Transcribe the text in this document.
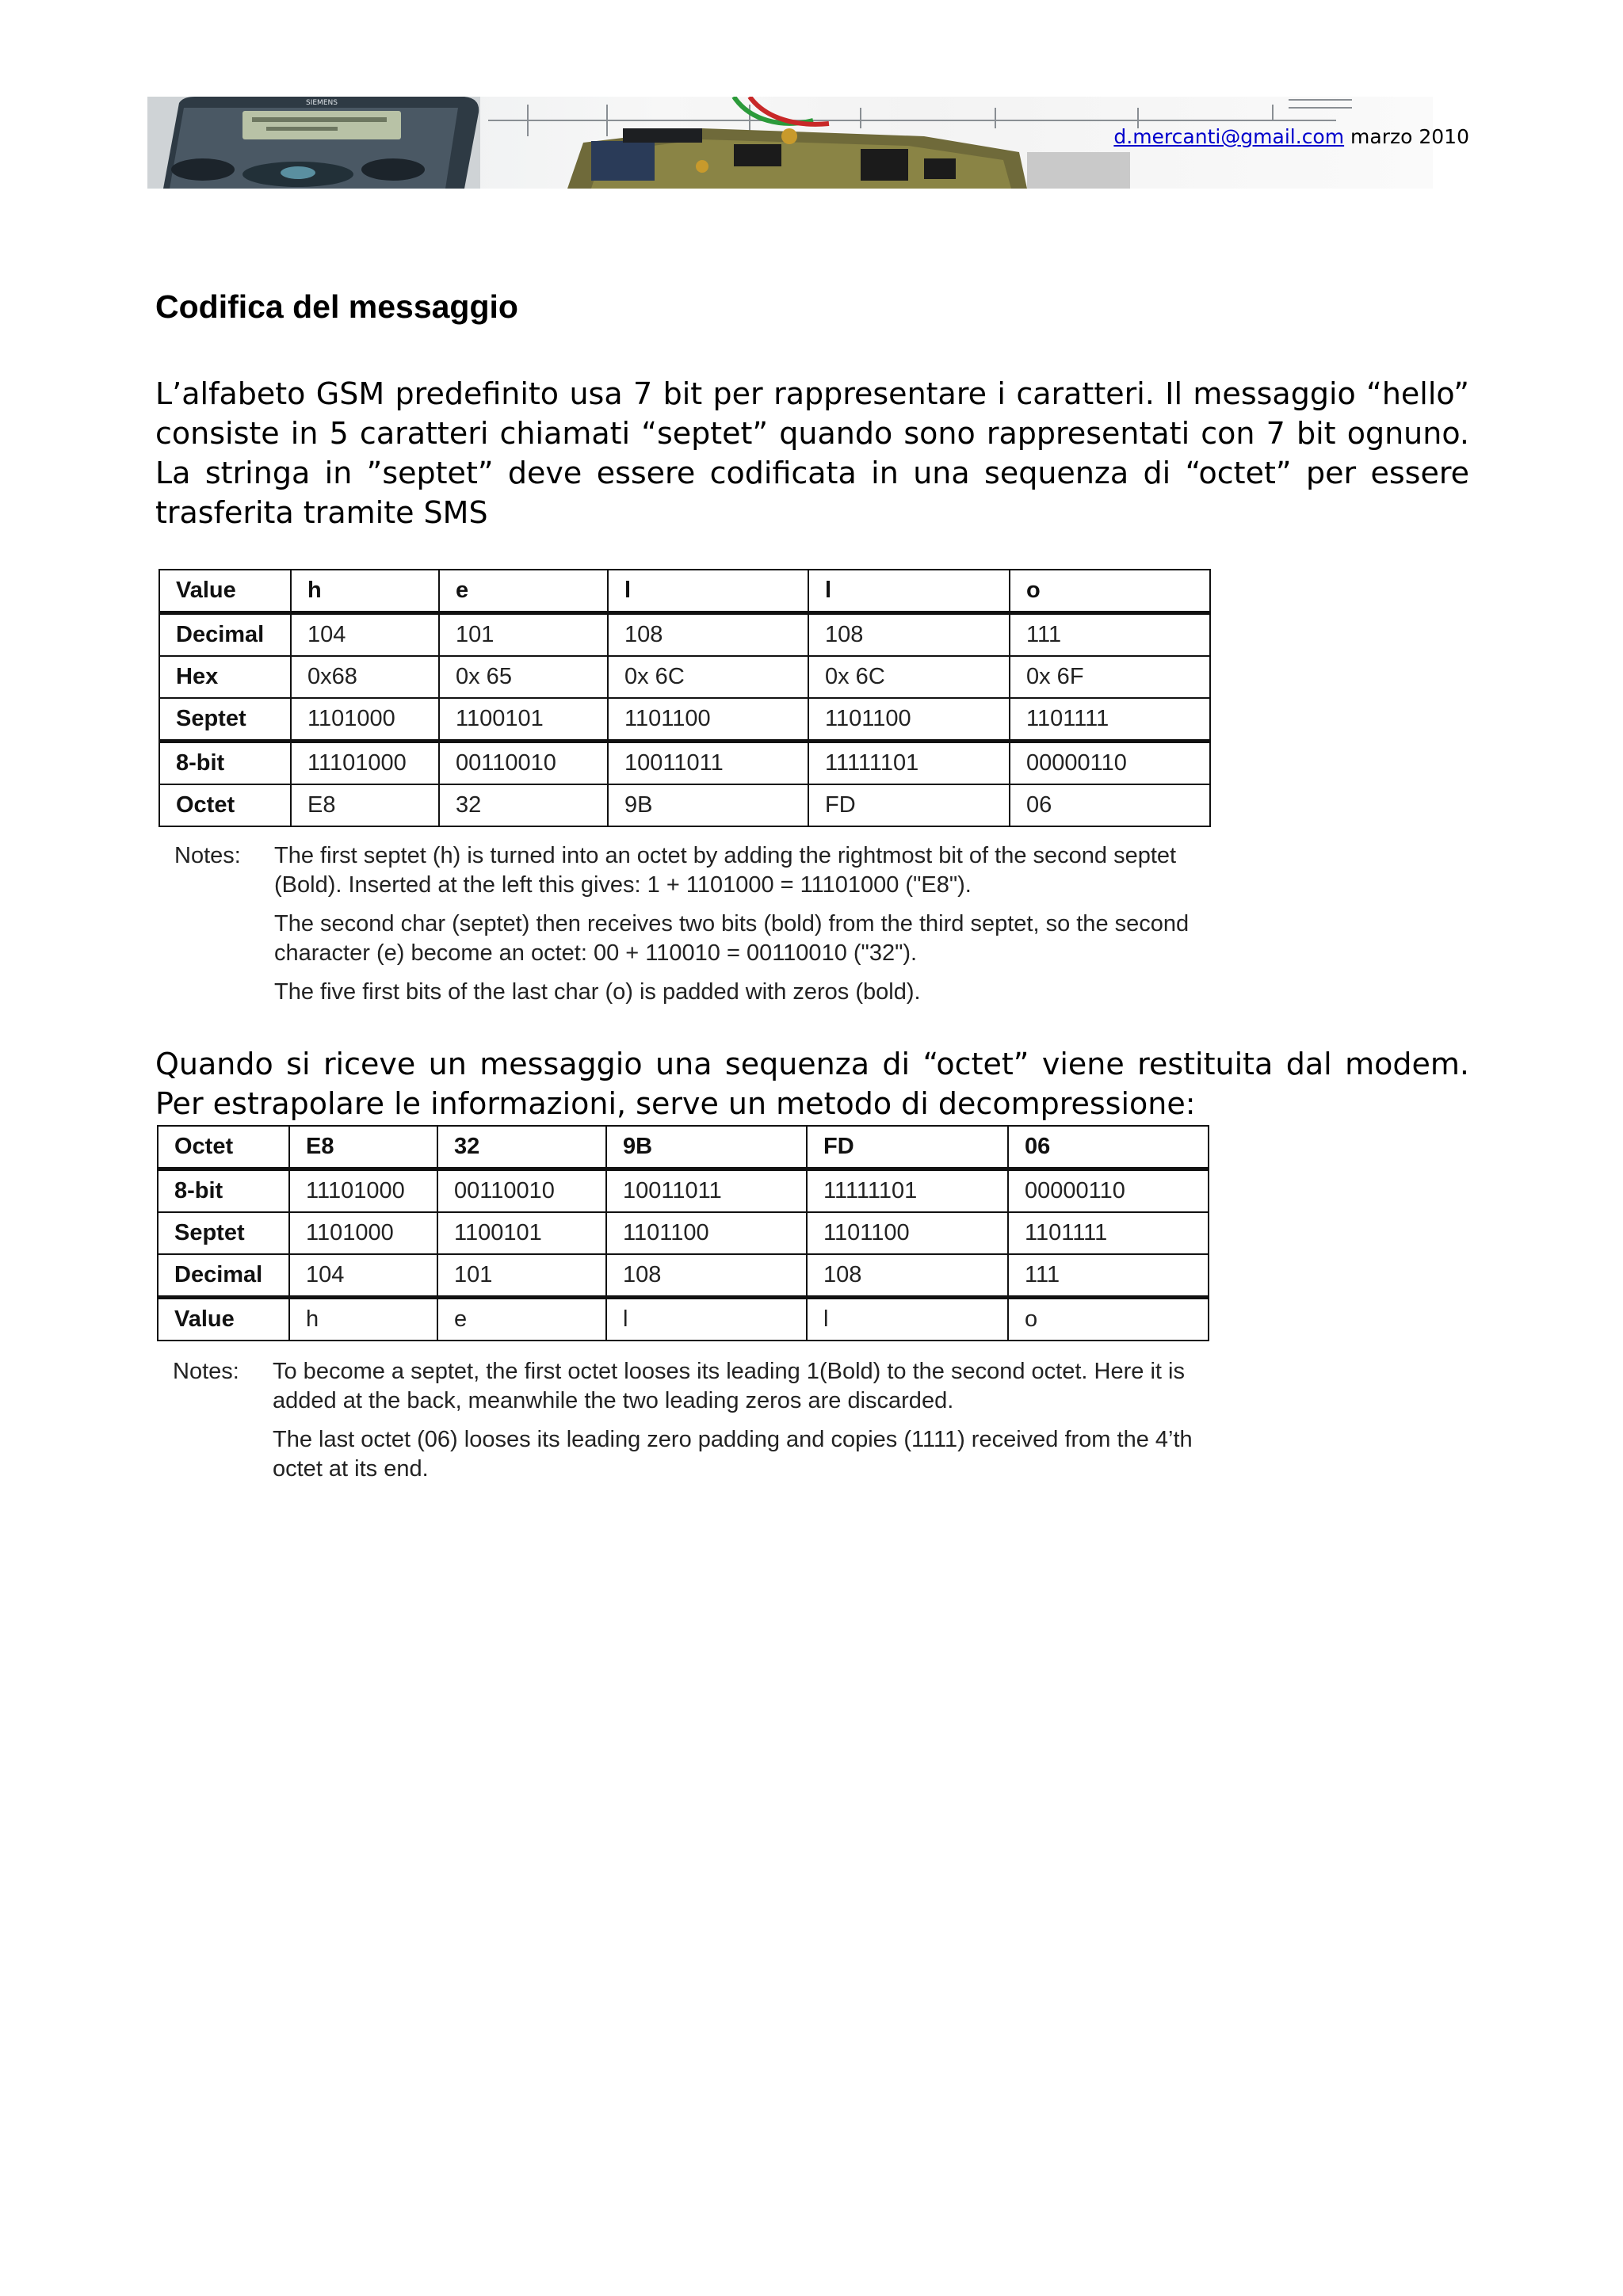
SIEMENS
d.mercanti@gmail.com marzo 2010
Codifica del messaggio

L’alfabeto GSM predefinito usa 7 bit per rappresentare i caratteri. Il messaggio “hello” consiste in 5 caratteri chiamati “septet” quando sono rappresentati con 7 bit ognuno. La stringa in ”septet” deve essere codificata in una sequenza di “octet” per essere trasferita tramite SMS

Value	h	e	l	l	o
Decimal	104	101	108	108	111
Hex	0x68	0x 65	0x 6C	0x 6C	0x 6F
Septet	1101000	1100101	1101100	1101100	1101111
8-bit	11101000	00110010	10011011	11111101	00000110
Octet	E8	32	9B	FD	06
Notes: The first septet (h) is turned into an octet by adding the rightmost bit of the second septet (Bold). Inserted at the left this gives: 1 + 1101000 = 11101000 ("E8").

The second char (septet) then receives two bits (bold) from the third septet, so the second character (e) become an octet: 00 + 110010 = 00110010 ("32").

The five first bits of the last char (o) is padded with zeros (bold).

Quando si riceve un messaggio una sequenza di “octet” viene restituita dal modem. Per estrapolare le informazioni, serve un metodo di decompressione:

Octet	E8	32	9B	FD	06
8-bit	11101000	00110010	10011011	11111101	00000110
Septet	1101000	1100101	1101100	1101100	1101111
Decimal	104	101	108	108	111
Value	h	e	l	l	o
Notes: To become a septet, the first octet looses its leading 1(Bold) to the second octet. Here it is added at the back, meanwhile the two leading zeros are discarded.

The last octet (06) looses its leading zero padding and copies (1111) received from the 4’th octet at its end.
